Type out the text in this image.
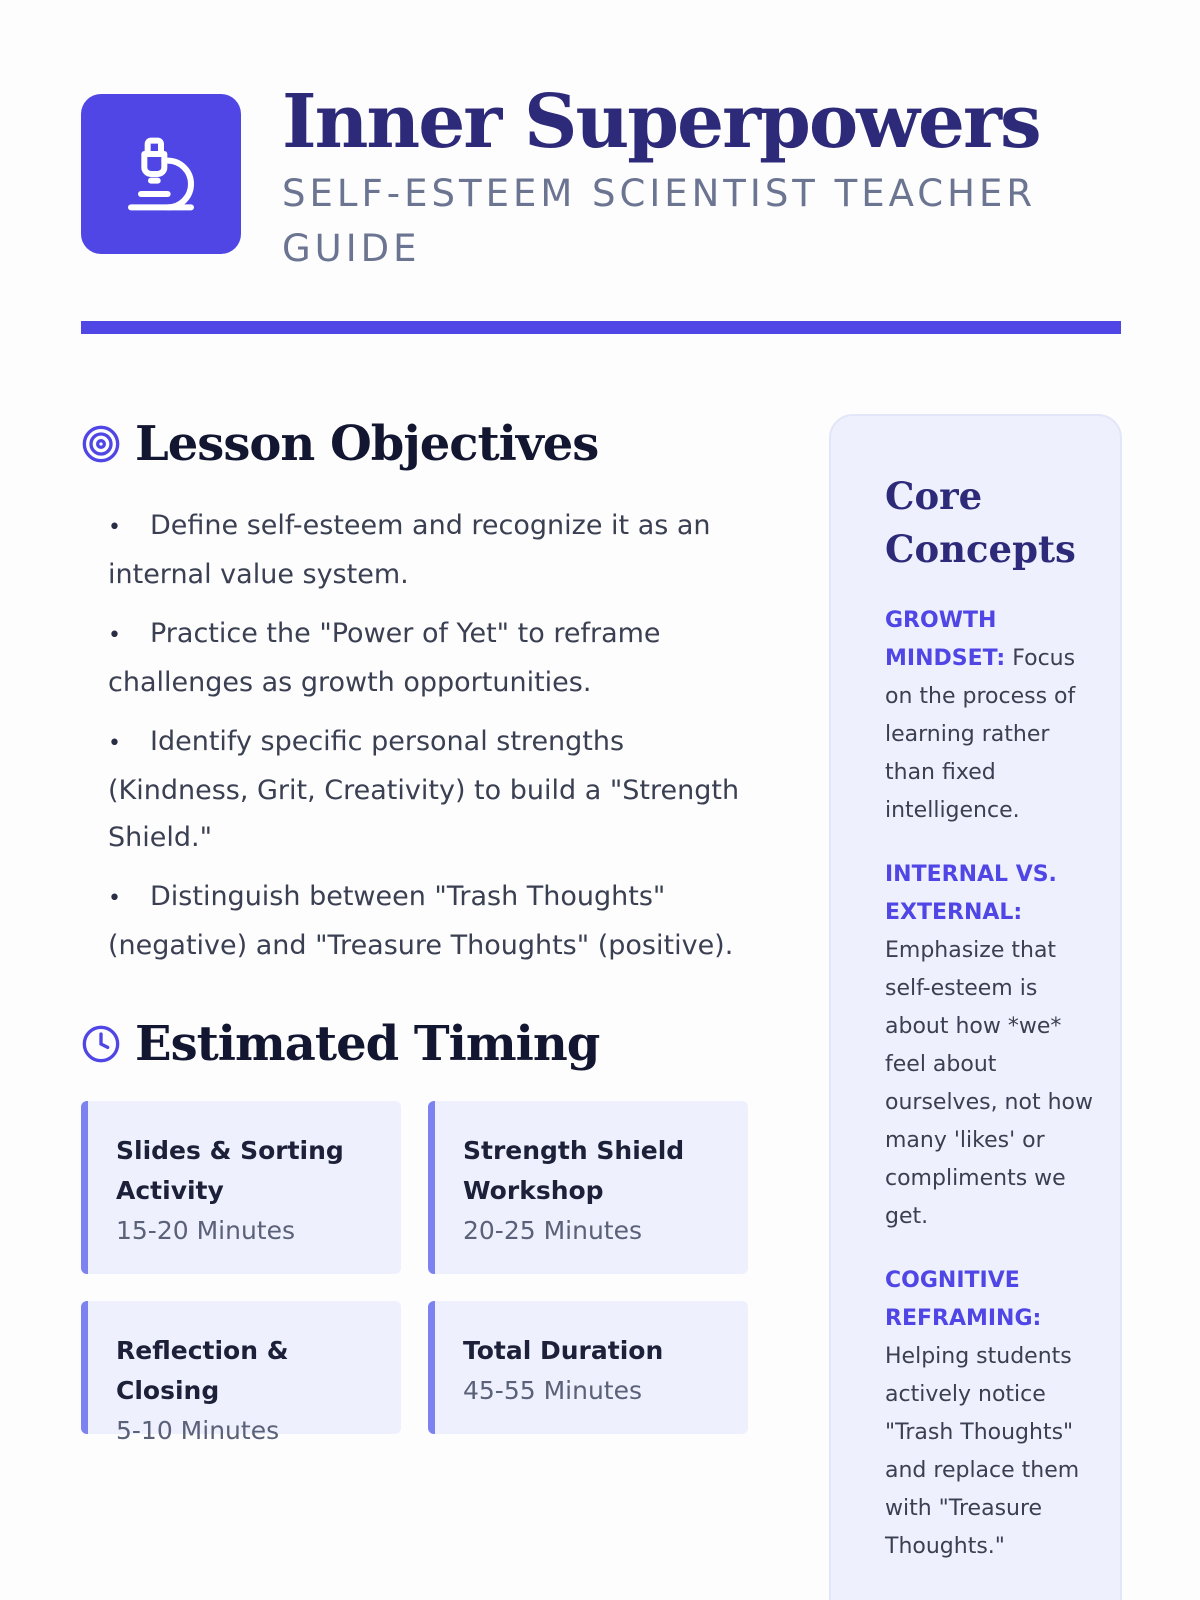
Inner Superpowers
SELF-ESTEEM SCIENTIST TEACHER GUIDE
Lesson Objectives
• Define self-esteem and recognize it as an internal value system.
• Practice the "Power of Yet" to reframe challenges as growth opportunities.
• Identify specific personal strengths (Kindness, Grit, Creativity) to build a "Strength Shield."
• Distinguish between "Trash Thoughts" (negative) and "Treasure Thoughts" (positive).
Estimated Timing
Slides & Sorting Activity
15-20 Minutes
Strength Shield Workshop
20-25 Minutes
Reflection & Closing
5-10 Minutes
Total Duration
45-55 Minutes
Core Concepts

GROWTH MINDSET: Focus on the process of learning rather than fixed intelligence.

INTERNAL VS. EXTERNAL: Emphasize that self-esteem is about how *we* feel about ourselves, not how many 'likes' or compliments we get.

COGNITIVE REFRAMING: Helping students actively notice "Trash Thoughts" and replace them with "Treasure Thoughts."
